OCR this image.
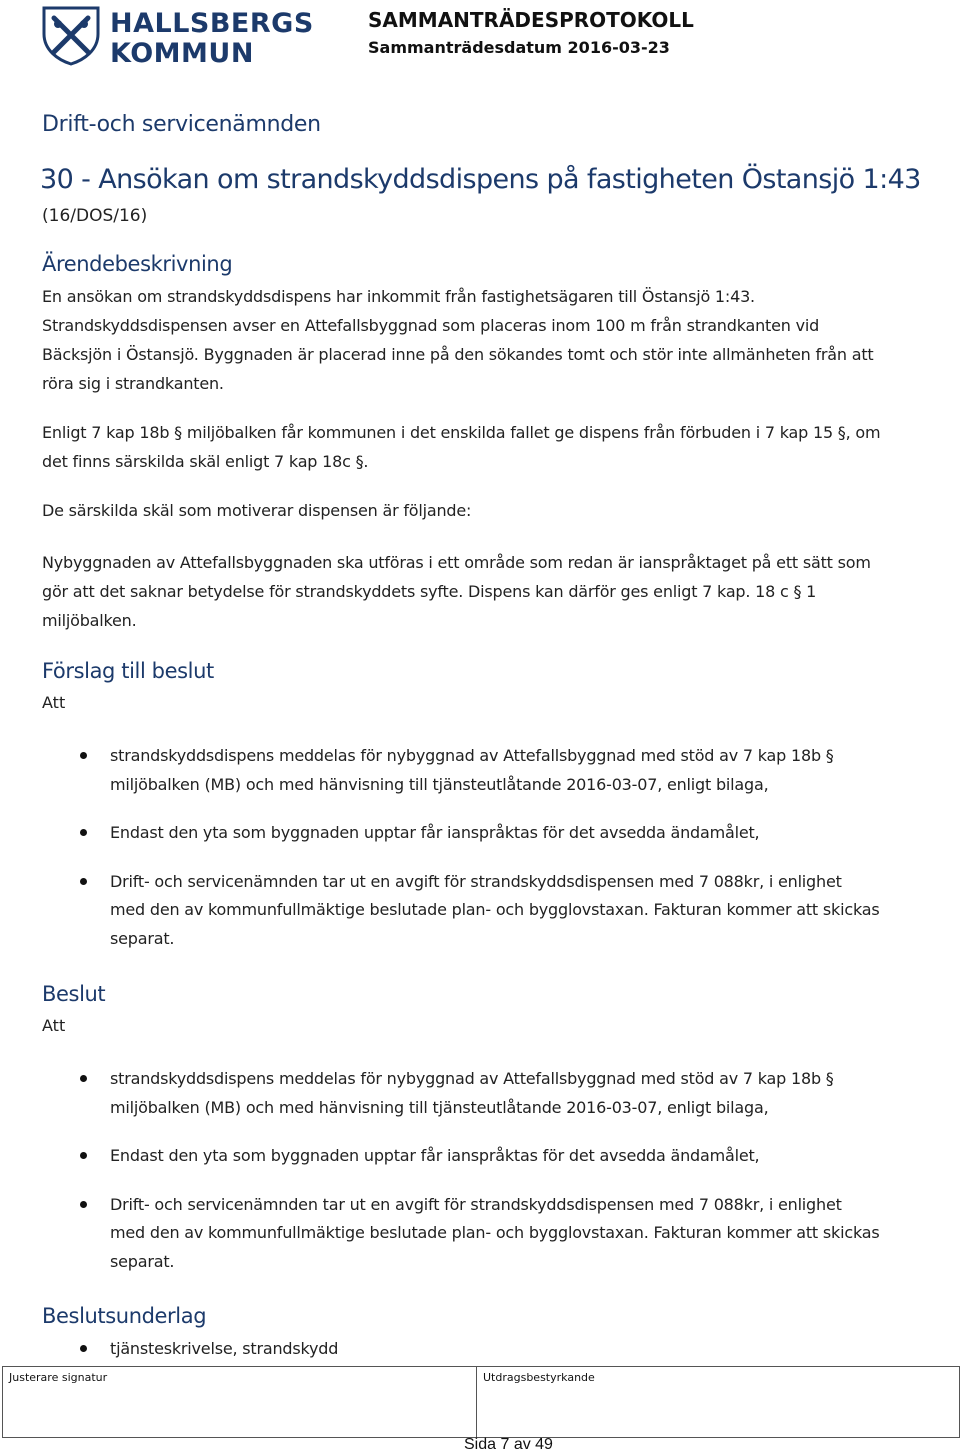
HALLSBERGS
KOMMUN
SAMMANTRÄDESPROTOKOLL
Sammanträdesdatum 2016-03-23
Drift-och servicenämnden
30 - Ansökan om strandskyddsdispens på fastigheten Östansjö 1:43
(16/DOS/16)
Ärendebeskrivning
En ansökan om strandskyddsdispens har inkommit från fastighetsägaren till Östansjö 1:43. Strandskyddsdispensen avser en Attefallsbyggnad som placeras inom 100 m från strandkanten vid Bäcksjön i Östansjö. Byggnaden är placerad inne på den sökandes tomt och stör inte allmänheten från att röra sig i strandkanten.
Enligt 7 kap 18b § miljöbalken får kommunen i det enskilda fallet ge dispens från förbuden i 7 kap 15 §, om det finns särskilda skäl enligt 7 kap 18c §.
De särskilda skäl som motiverar dispensen är följande:
Nybyggnaden av Attefallsbyggnaden ska utföras i ett område som redan är ianspråktaget på ett sätt som gör att det saknar betydelse för strandskyddets syfte. Dispens kan därför ges enligt 7 kap. 18 c § 1 miljöbalken.
Förslag till beslut
Att
strandskyddsdispens meddelas för nybyggnad av Attefallsbyggnad med stöd av 7 kap 18b § miljöbalken (MB) och med hänvisning till tjänsteutlåtande 2016-03-07, enligt bilaga,
Endast den yta som byggnaden upptar får ianspråktas för det avsedda ändamålet,
Drift- och servicenämnden tar ut en avgift för strandskyddsdispensen med 7 088kr, i enlighet med den av kommunfullmäktige beslutade plan- och bygglovstaxan. Fakturan kommer att skickas separat.
Beslut
Att
strandskyddsdispens meddelas för nybyggnad av Attefallsbyggnad med stöd av 7 kap 18b § miljöbalken (MB) och med hänvisning till tjänsteutlåtande 2016-03-07, enligt bilaga,
Endast den yta som byggnaden upptar får ianspråktas för det avsedda ändamålet,
Drift- och servicenämnden tar ut en avgift för strandskyddsdispensen med 7 088kr, i enlighet med den av kommunfullmäktige beslutade plan- och bygglovstaxan. Fakturan kommer att skickas separat.
Beslutsunderlag
tjänsteskrivelse, strandskydd
Justerare signatur	Utdragsbestyrkande
Sida 7 av 49
